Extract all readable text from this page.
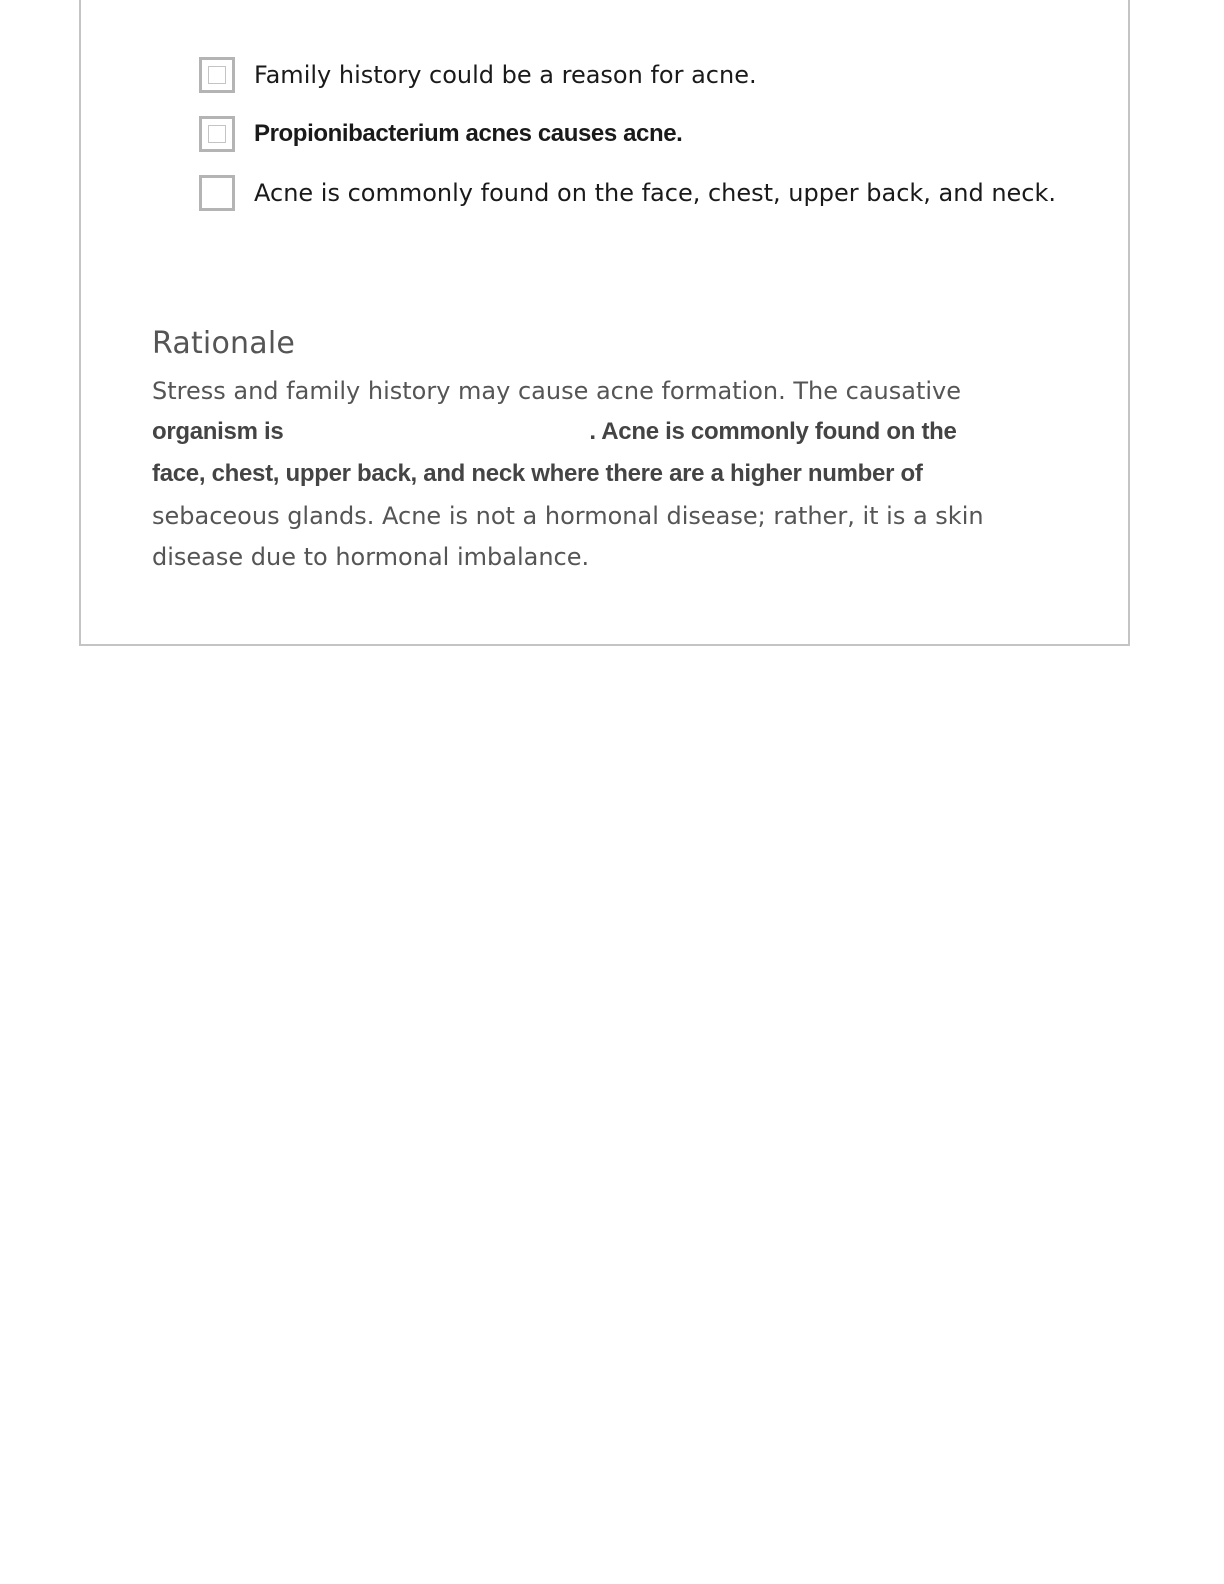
Family history could be a reason for acne.
Propionibacterium acnes causes acne.
Acne is commonly found on the face, chest, upper back, and neck.
Rationale
Stress and family history may cause acne formation. The causative
organism is	. Acne is commonly found on the
face, chest, upper back, and neck where there are a higher number of
sebaceous glands. Acne is not a hormonal disease; rather, it is a skin
disease due to hormonal imbalance.
